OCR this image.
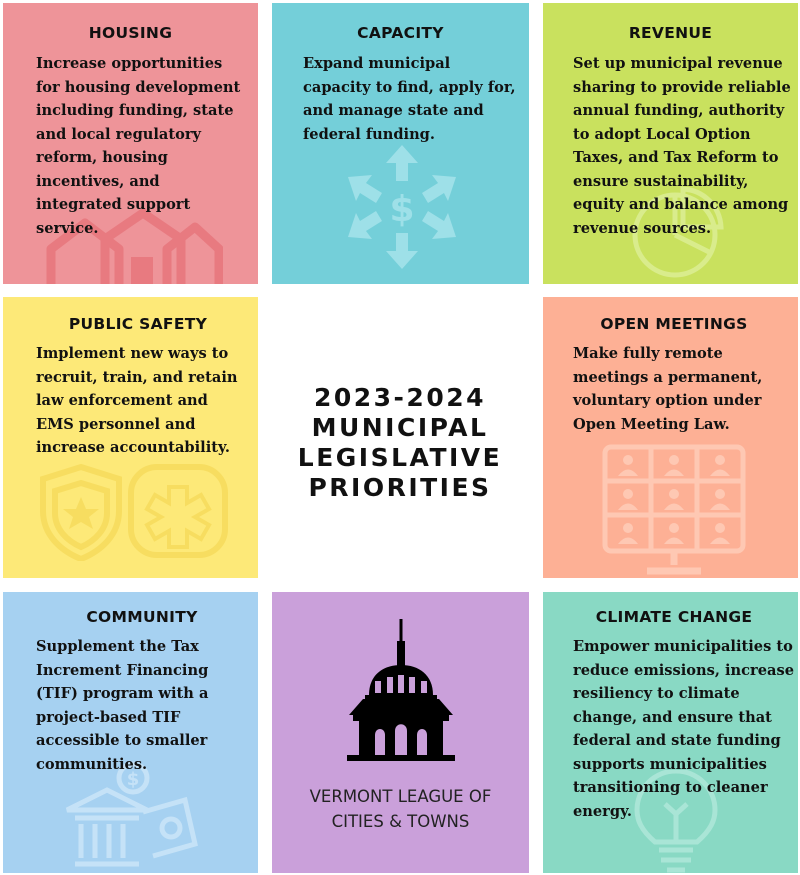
HOUSING

Increase opportunities for housing development including funding, state and local regulatory reform, housing incentives, and integrated support service.	$
CAPACITY

Expand municipal capacity to find, apply for, and manage state and federal funding.

REVENUE

Set up municipal revenue sharing to provide reliable annual funding, authority to adopt Local Option Taxes, and Tax Reform to ensure sustainability, equity and balance among revenue sources.

PUBLIC SAFETY

Implement new ways to recruit, train, and retain law enforcement and EMS personnel and increase accountability.

2023-2024
MUNICIPAL
LEGISLATIVE
PRIORITIES
OPEN MEETINGS

Make fully remote meetings a permanent, voluntary option under Open Meeting Law.

$
COMMUNITY

Supplement the Tax Increment Financing (TIF) program with a project-based TIF accessible to smaller communities.

VERMONT LEAGUE OF
CITIES & TOWNS
CLIMATE CHANGE

Empower municipalities to reduce emissions, increase resiliency to climate change, and ensure that federal and state funding supports municipalities transitioning to cleaner energy.
